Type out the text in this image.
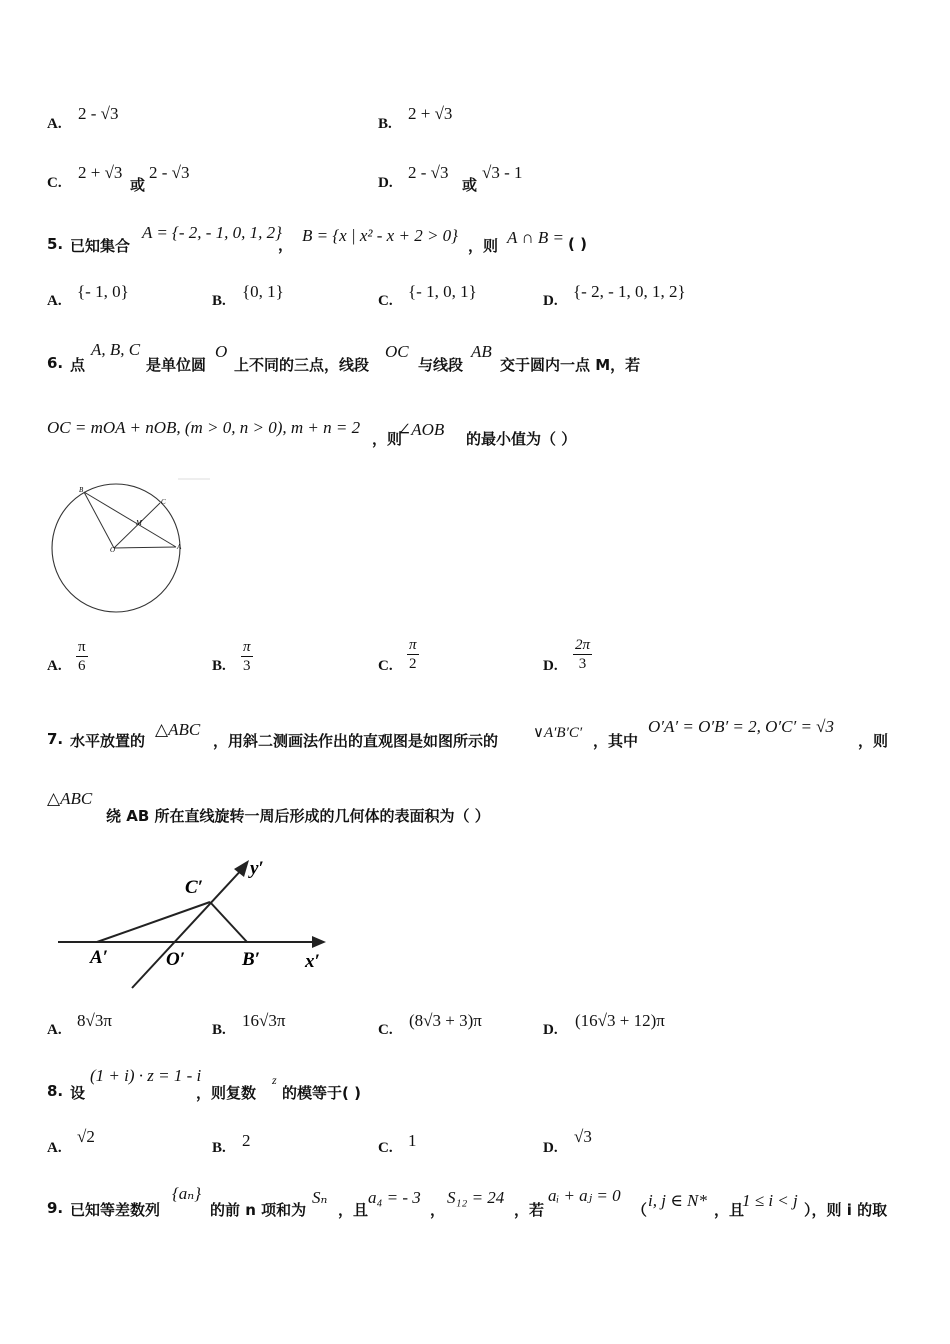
A.
2 - √3
B.
2 + √3
C.
2 + √3
或
2 - √3
D.
2 - √3
或
√3 - 1
5. 已知集合
A = {- 2, - 1, 0, 1, 2}
， B = {x | x² - x + 2 > 0}
，则 A ∩ B = ( )
A. {- 1, 0}	B. {0, 1}	C. {- 1, 0, 1}	D. {- 2, - 1, 0, 1, 2}
6. 点
A, B, C
是单位圆
O
上不同的三点，线段
OC
与线段
AB
交于圆内一点 M，若
OC = mOA + nOB, (m > 0, n > 0), m + n = 2
，则
∠AOB 的最小值为（ ）
B
C
M
O	A
A. $\frac{\pi}{6}$	B. $\frac{\pi}{3}$	C. $\frac{\pi}{2}$	D. $\frac{2\pi}{3}$
7. 水平放置的
△ABC
，用斜二测画法作出的直观图是如图所示的 ∨A′B′C′ ，其中
O′A′ = O′B′ = 2, O′C′ = √3
，则
△ABC
绕 AB 所在直线旋转一周后形成的几何体的表面积为（ ）
C′
y′
A′	O′	B′ x′
A. 8√3π	B. 16√3π	C. (8√3 + 3)π	D. (16√3 + 12)π
8. 设
(1 + i) · z = 1 - i
，则复数
z
的模等于( )
A.
√2
B. 2	C. 1	D.
√3
9. 已知等差数列
{aₙ}
的前 n 项和为
Sₙ
，且
a₄ = - 3
，
S₁₂ = 24
，若
aᵢ + aⱼ = 0
（ i, j ∈ N* ，且
1 ≤ i < j ），则 i 的取
